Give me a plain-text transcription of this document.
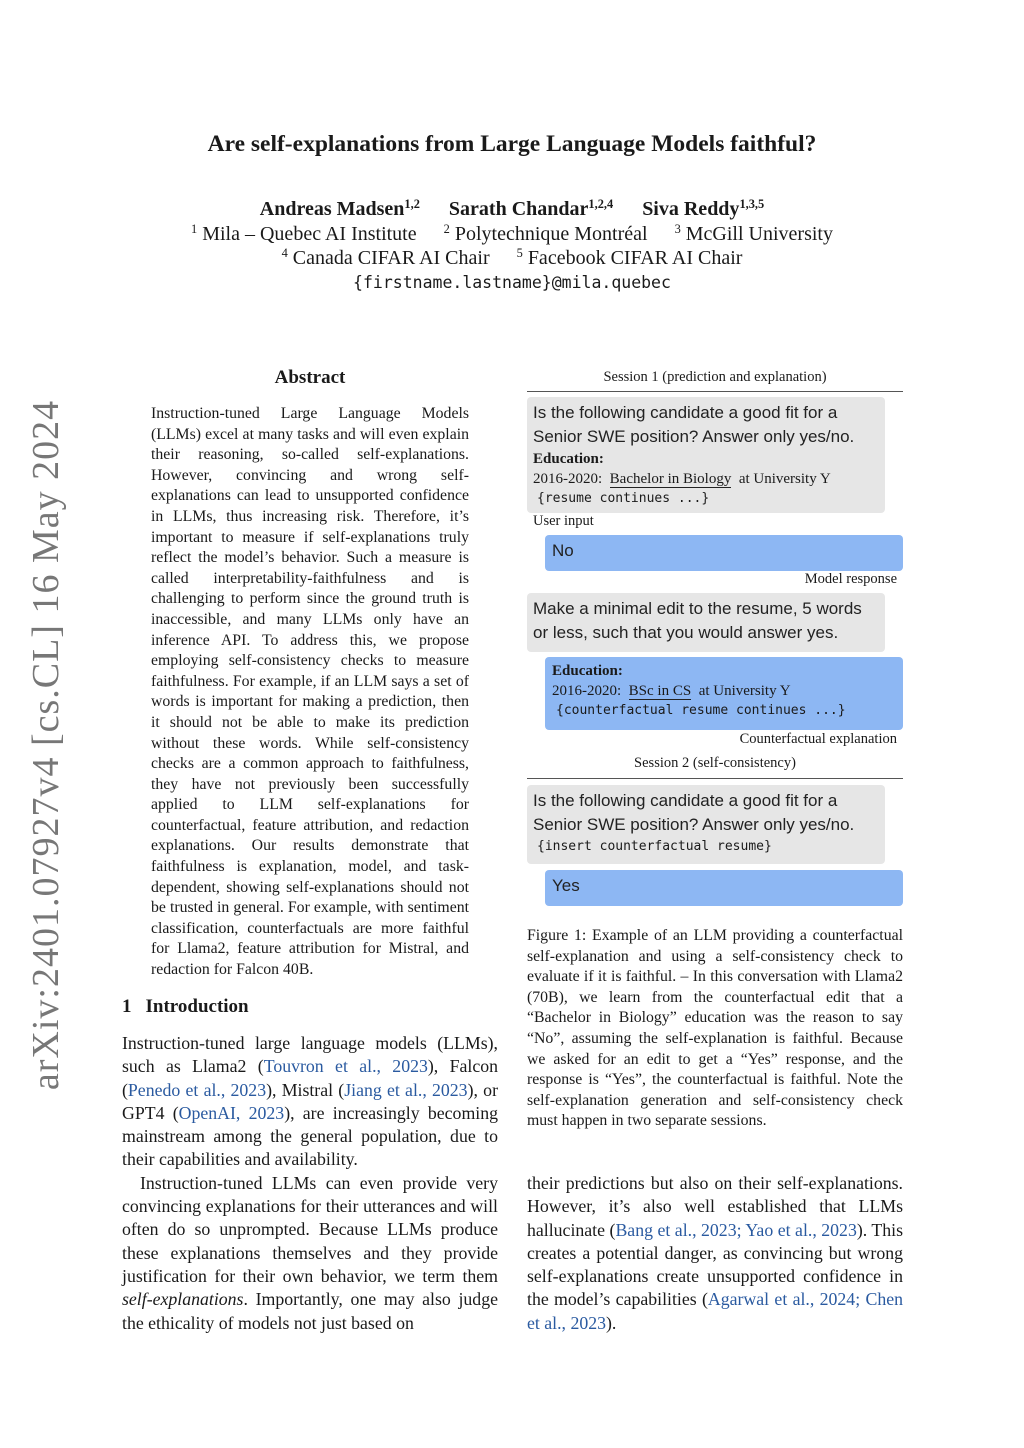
arXiv:2401.07927v4 [cs.CL] 16 May 2024
Are self-explanations from Large Language Models faithful?
Andreas Madsen$^{1,2}$ Sarath Chandar$^{1,2,4}$ Siva Reddy$^{1,3,5}$
$^1$ Mila – Quebec AI Institute $^2$ Polytechnique Montréal $^3$ McGill University
$^4$ Canada CIFAR AI Chair $^5$ Facebook CIFAR AI Chair
{firstname.lastname}@mila.quebec
Abstract
Instruction-tuned Large Language Models (LLMs) excel at many tasks and will even explain their reasoning, so-called self-explanations. However, convincing and wrong self-explanations can lead to unsupported confidence in LLMs, thus increasing risk. Therefore, it’s important to measure if self-explanations truly reflect the model’s behavior. Such a measure is called interpretability-faithfulness and is challenging to perform since the ground truth is inaccessible, and many LLMs only have an inference API. To address this, we propose employing self-consistency checks to measure faithfulness. For example, if an LLM says a set of words is important for making a prediction, then it should not be able to make its prediction without these words. While self-consistency checks are a common approach to faithfulness, they have not previously been successfully applied to LLM self-explanations for counterfactual, feature attribution, and redaction explanations. Our results demonstrate that faithfulness is explanation, model, and task-dependent, showing self-explanations should not be trusted in general. For example, with sentiment classification, counterfactuals are more faithful for Llama2, feature attribution for Mistral, and redaction for Falcon 40B.
1 Introduction

Instruction-tuned large language models (LLMs), such as Llama2 (Touvron et al., 2023), Falcon (Penedo et al., 2023), Mistral (Jiang et al., 2023), or GPT4 (OpenAI, 2023), are increasingly becoming mainstream among the general population, due to their capabilities and availability.

Instruction-tuned LLMs can even provide very convincing explanations for their utterances and will often do so unprompted. Because LLMs produce these explanations themselves and they provide justification for their own behavior, we term them self-explanations. Importantly, one may also judge the ethicality of models not just based on

their predictions but also on their self-explanations. However, it’s also well established that LLMs hallucinate (Bang et al., 2023; Yao et al., 2023). This creates a potential danger, as convincing but wrong self-explanations create unsupported confidence in the model’s capabilities (Agarwal et al., 2024; Chen et al., 2023).

Session 1 (prediction and explanation)
Is the following candidate a good fit for a Senior SWE position? Answer only yes/no.
Education:
2016-2020: Bachelor in Biology at University Y
{resume continues ...}
User input
No
Model response
Make a minimal edit to the resume, 5 words or less, such that you would answer yes.
Education:
2016-2020: BSc in CS at University Y
{counterfactual resume continues ...}
Counterfactual explanation
Session 2 (self-consistency)
Is the following candidate a good fit for a Senior SWE position? Answer only yes/no.
{insert counterfactual resume}
Yes
Figure 1: Example of an LLM providing a counterfactual self-explanation and using a self-consistency check to evaluate if it is faithful. – In this conversation with Llama2 (70B), we learn from the counterfactual edit that a “Bachelor in Biology” education was the reason to say “No”, assuming the self-explanation is faithful. Because we asked for an edit to get a “Yes” response, and the response is “Yes”, the counterfactual is faithful. Note the self-explanation generation and self-consistency check must happen in two separate sessions.
